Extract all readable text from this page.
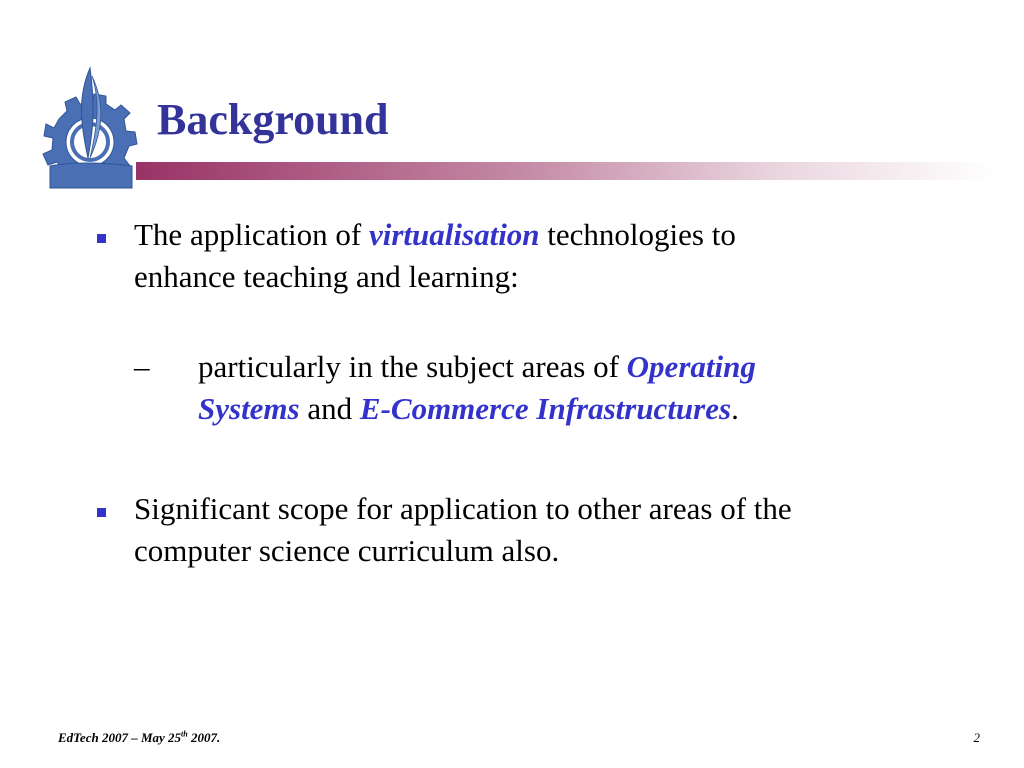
Background
The application of virtualisation technologies to
enhance teaching and learning:
– particularly in the subject areas of Operating
Systems and E-Commerce Infrastructures.
Significant scope for application to other areas of the
computer science curriculum also.
EdTech 2007 – May 25th 2007.	2
